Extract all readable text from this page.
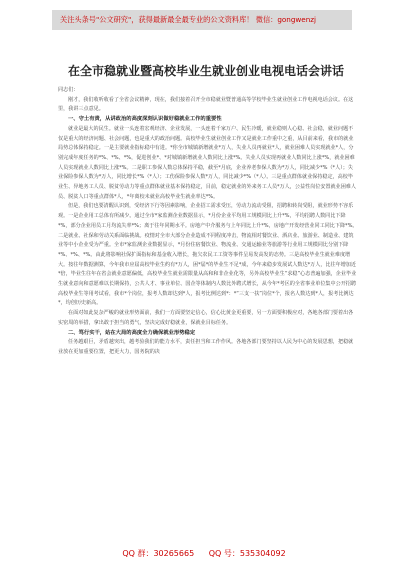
关注头条号"公文研究"，获得最新最全最专业的公文资料库！ 微信：gongwenzj
在全市稳就业暨高校毕业生就业创业电视电话会讲话

同志们：

刚才，我们收听收看了全省会议精神，现在，我们接着召开全市稳就业暨普通高等学校毕业生就业创业工作电视电话会议。在这里，我讲三点意见。

一、守土有责，从讲政治的高度深刻认识做好稳就业工作的重要性

就业是最大的民生。就业一头连着宏观经济、企业发展，一头连着千家万户、民生冷暖，就业稳则人心稳、社会稳，就业问题不仅是重大的经济问题、社会问题，也是重大的政治问题。高校毕业生就业创业工作又是就业工作重中之重，从目前来看，我市的就业局势总体保持稳定。一是主要就业指标稳中有进。*你全市城镇新增就业*万人，失业人员再就业*人，就业困难人员实现就业*人，分别完成年度任务的*%、*%、*%，促进创业*、*对城镇新增就业人数同比上涨*%。失业人员实现再就业人数同比上涨*%，就业困难人员实现就业人数同比上涨*%。二是职工参保人数总体保持平稳，截至*月底，企业养老参保人数为*万人，同比减少*%（*人）；失业保险参保人数为*万人，同比增长*%（*人）；工伤保险参保人数*万人，同比减少*%（*人）。三是重点群体就业保持稳定，高校毕业生、异地务工人员、脱贫劳动力等重点群体就业基本保持稳定，目前，稳定就业的外来务工人员*万人，公益性岗位安置就业困难人员、脱贫人口等重点群体*人，*年离校未就业高校毕业生就业率达*%。

但是，我们也要清醒认识到，受经济下行等因素影响，企业招工需求受压，劳动力流动受阻，招聘和转岗受阻，就业形势不容乐观。一是企业用工总体有所减少。通过全市*家监测企业数据显示，*月份企业平均用工规模同比上升*%，平均招聘人数同比下降*%，部分企业用员工月均流失率*%；离于往年同期水平。房地产中介服务与上年同比上升*%，房地产开发经营业同工同比下降*%。二是就业、社保和劳动关系面临挑战。疫情对全市大部分企业造成不同程度冲击，物流相对餐饮业、酒店业、旅游业、制造业、建筑业等中小企业受为严重。全市*家监测企业数据显示，*月份住宿餐饮业、物流业、交通运输业等旅游等行业用工规模同比分别下降*%、*%、*%。由此将影响社保扩面指标和基金收入增长，拖欠农民工工资等事件呈易发高发的态势。三是高校毕业生就业难度增大。按往年数据测算，今年我市应届高校毕业生约有*万人，困*届*的毕业生不足*成，今年来稳步发展试人数达*万人，比往年增加近*倍，毕业生往年在省会就业意愿偏低，高校毕业生就业需限量从高和和非企业化等，另外高校毕业生“求稳”心态普遍加强，企业毕业生就业意向和意愿难以长期保持，公共人才、事业单位、国企等体制内人数比外聘式增长，从今年*考区的全省事业单位集中公开招聘高校毕业生等用考试看，我市*个岗位，报考人数却达到*人，报考比例达到*：*“三支一扶”岗位*个，报名人数达到*人，报考比例达*，均创历史新高。

在面对如此复杂严峻的就业形势面前，我们一方面要坚定信心，信心比黄金更重要，另一方面要积极应对，各地各部门要着出各实密周的举措，拿出敢于担当的勇气，坚决完成好稳就业，保就业目标任务。

二、笃行实干，站在大局的高度全力确保就业形势稳定

任务越艰巨，矛盾越突出，越考验我们的能力水平，责任担当和工作作风。各地各部门要坚持以人民为中心的发展思想，把稳就业放在更加重要位置，把更大力，国务院的决

QQ 群：30265665 QQ 号：535304092
